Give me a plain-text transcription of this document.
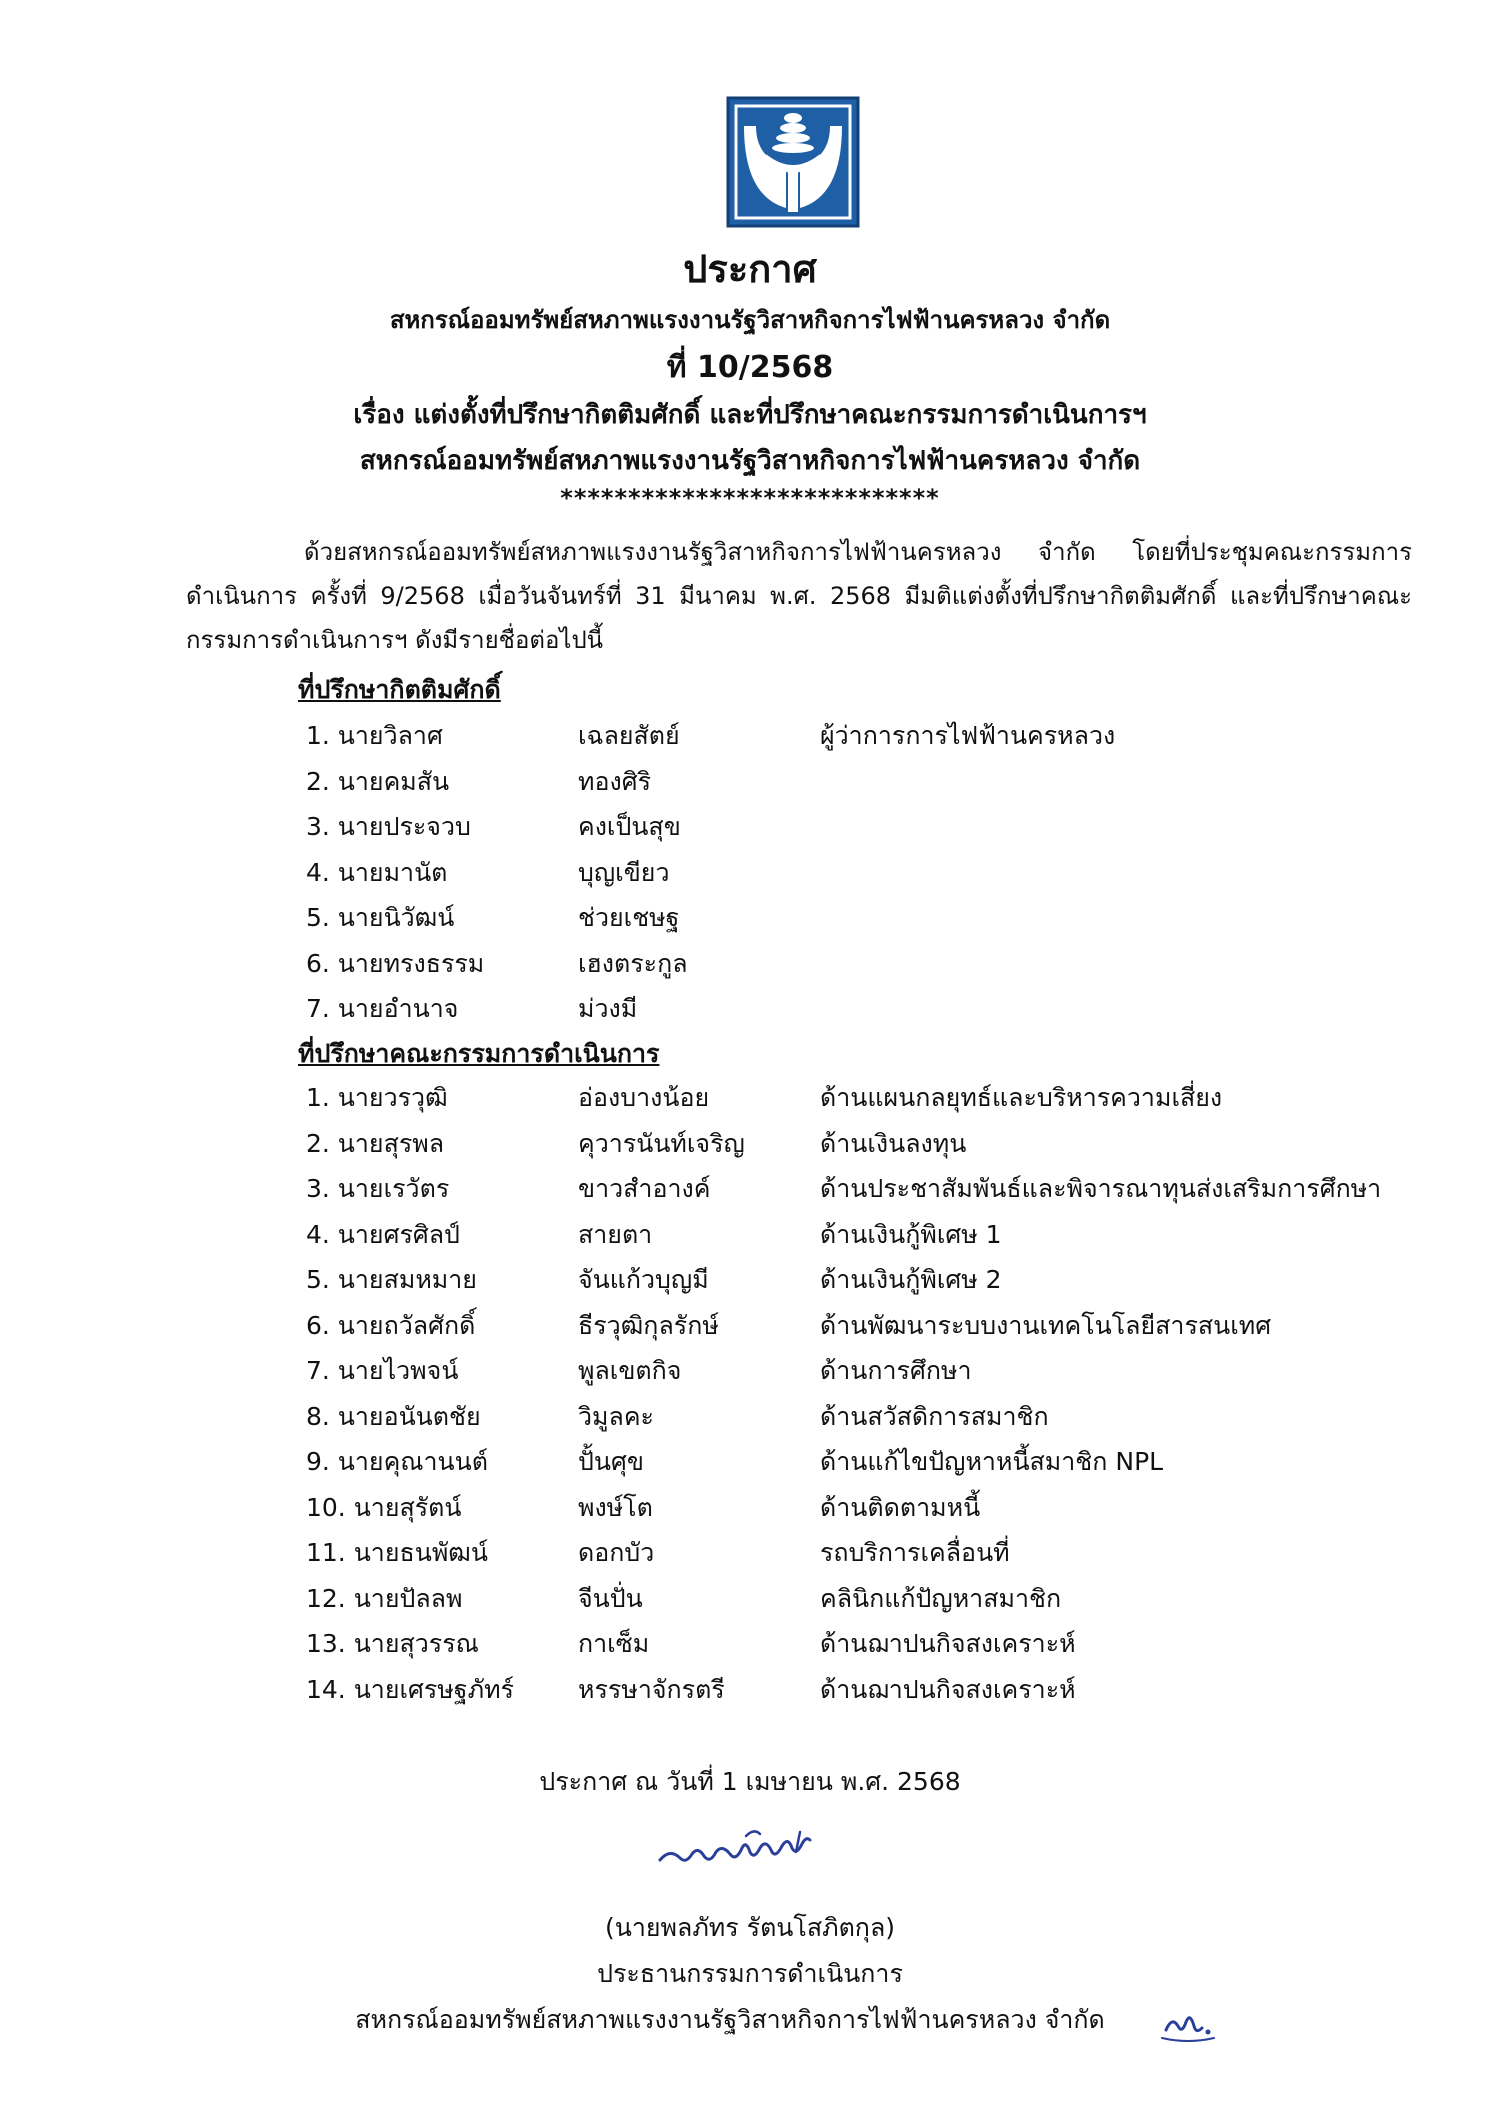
ประกาศ
สหกรณ์ออมทรัพย์สหภาพแรงงานรัฐวิสาหกิจการไฟฟ้านครหลวง จำกัด
ที่ 10/2568
เรื่อง แต่งตั้งที่ปรึกษากิตติมศักดิ์ และที่ปรึกษาคณะกรรมการดำเนินการฯ
สหกรณ์ออมทรัพย์สหภาพแรงงานรัฐวิสาหกิจการไฟฟ้านครหลวง จำกัด
****************************
ด้วยสหกรณ์ออมทรัพย์สหภาพแรงงานรัฐวิสาหกิจการไฟฟ้านครหลวง จำกัด โดยที่ประชุมคณะกรรมการดำเนินการ ครั้งที่ 9/2568 เมื่อวันจันทร์ที่ 31 มีนาคม พ.ศ. 2568 มีมติแต่งตั้งที่ปรึกษากิตติมศักดิ์ และที่ปรึกษาคณะกรรมการดำเนินการฯ ดังมีรายชื่อต่อไปนี้
ที่ปรึกษากิตติมศักดิ์
1. นายวิลาศ	เฉลยสัตย์	ผู้ว่าการการไฟฟ้านครหลวง
2. นายคมสัน	ทองศิริ
3. นายประจวบ	คงเป็นสุข
4. นายมานัต	บุญเขียว
5. นายนิวัฒน์	ช่วยเชษฐ
6. นายทรงธรรม	เฮงตระกูล
7. นายอำนาจ	ม่วงมี
ที่ปรึกษาคณะกรรมการดำเนินการ
1. นายวรวุฒิ	อ่องบางน้อย	ด้านแผนกลยุทธ์และบริหารความเสี่ยง
2. นายสุรพล	คุวารนันท์เจริญ	ด้านเงินลงทุน
3. นายเรวัตร	ขาวสำอางค์	ด้านประชาสัมพันธ์และพิจารณาทุนส่งเสริมการศึกษา
4. นายศรศิลป์	สายตา	ด้านเงินกู้พิเศษ 1
5. นายสมหมาย	จันแก้วบุญมี	ด้านเงินกู้พิเศษ 2
6. นายถวัลศักดิ์	ธีรวุฒิกุลรักษ์	ด้านพัฒนาระบบงานเทคโนโลยีสารสนเทศ
7. นายไวพจน์	พูลเขตกิจ	ด้านการศึกษา
8. นายอนันตชัย	วิมูลคะ	ด้านสวัสดิการสมาชิก
9. นายคุณานนต์	ปั้นศุข	ด้านแก้ไขปัญหาหนี้สมาชิก NPL
10. นายสุรัตน์	พงษ์โต	ด้านติดตามหนี้
11. นายธนพัฒน์	ดอกบัว	รถบริการเคลื่อนที่
12. นายปัลลพ	จีนปั่น	คลินิกแก้ปัญหาสมาชิก
13. นายสุวรรณ	กาเซ็ม	ด้านฌาปนกิจสงเคราะห์
14. นายเศรษฐภัทร์	หรรษาจักรตรี	ด้านฌาปนกิจสงเคราะห์
ประกาศ ณ วันที่ 1 เมษายน พ.ศ. 2568
(นายพลภัทร รัตนโสภิตกุล)
ประธานกรรมการดำเนินการ
สหกรณ์ออมทรัพย์สหภาพแรงงานรัฐวิสาหกิจการไฟฟ้านครหลวง จำกัด
